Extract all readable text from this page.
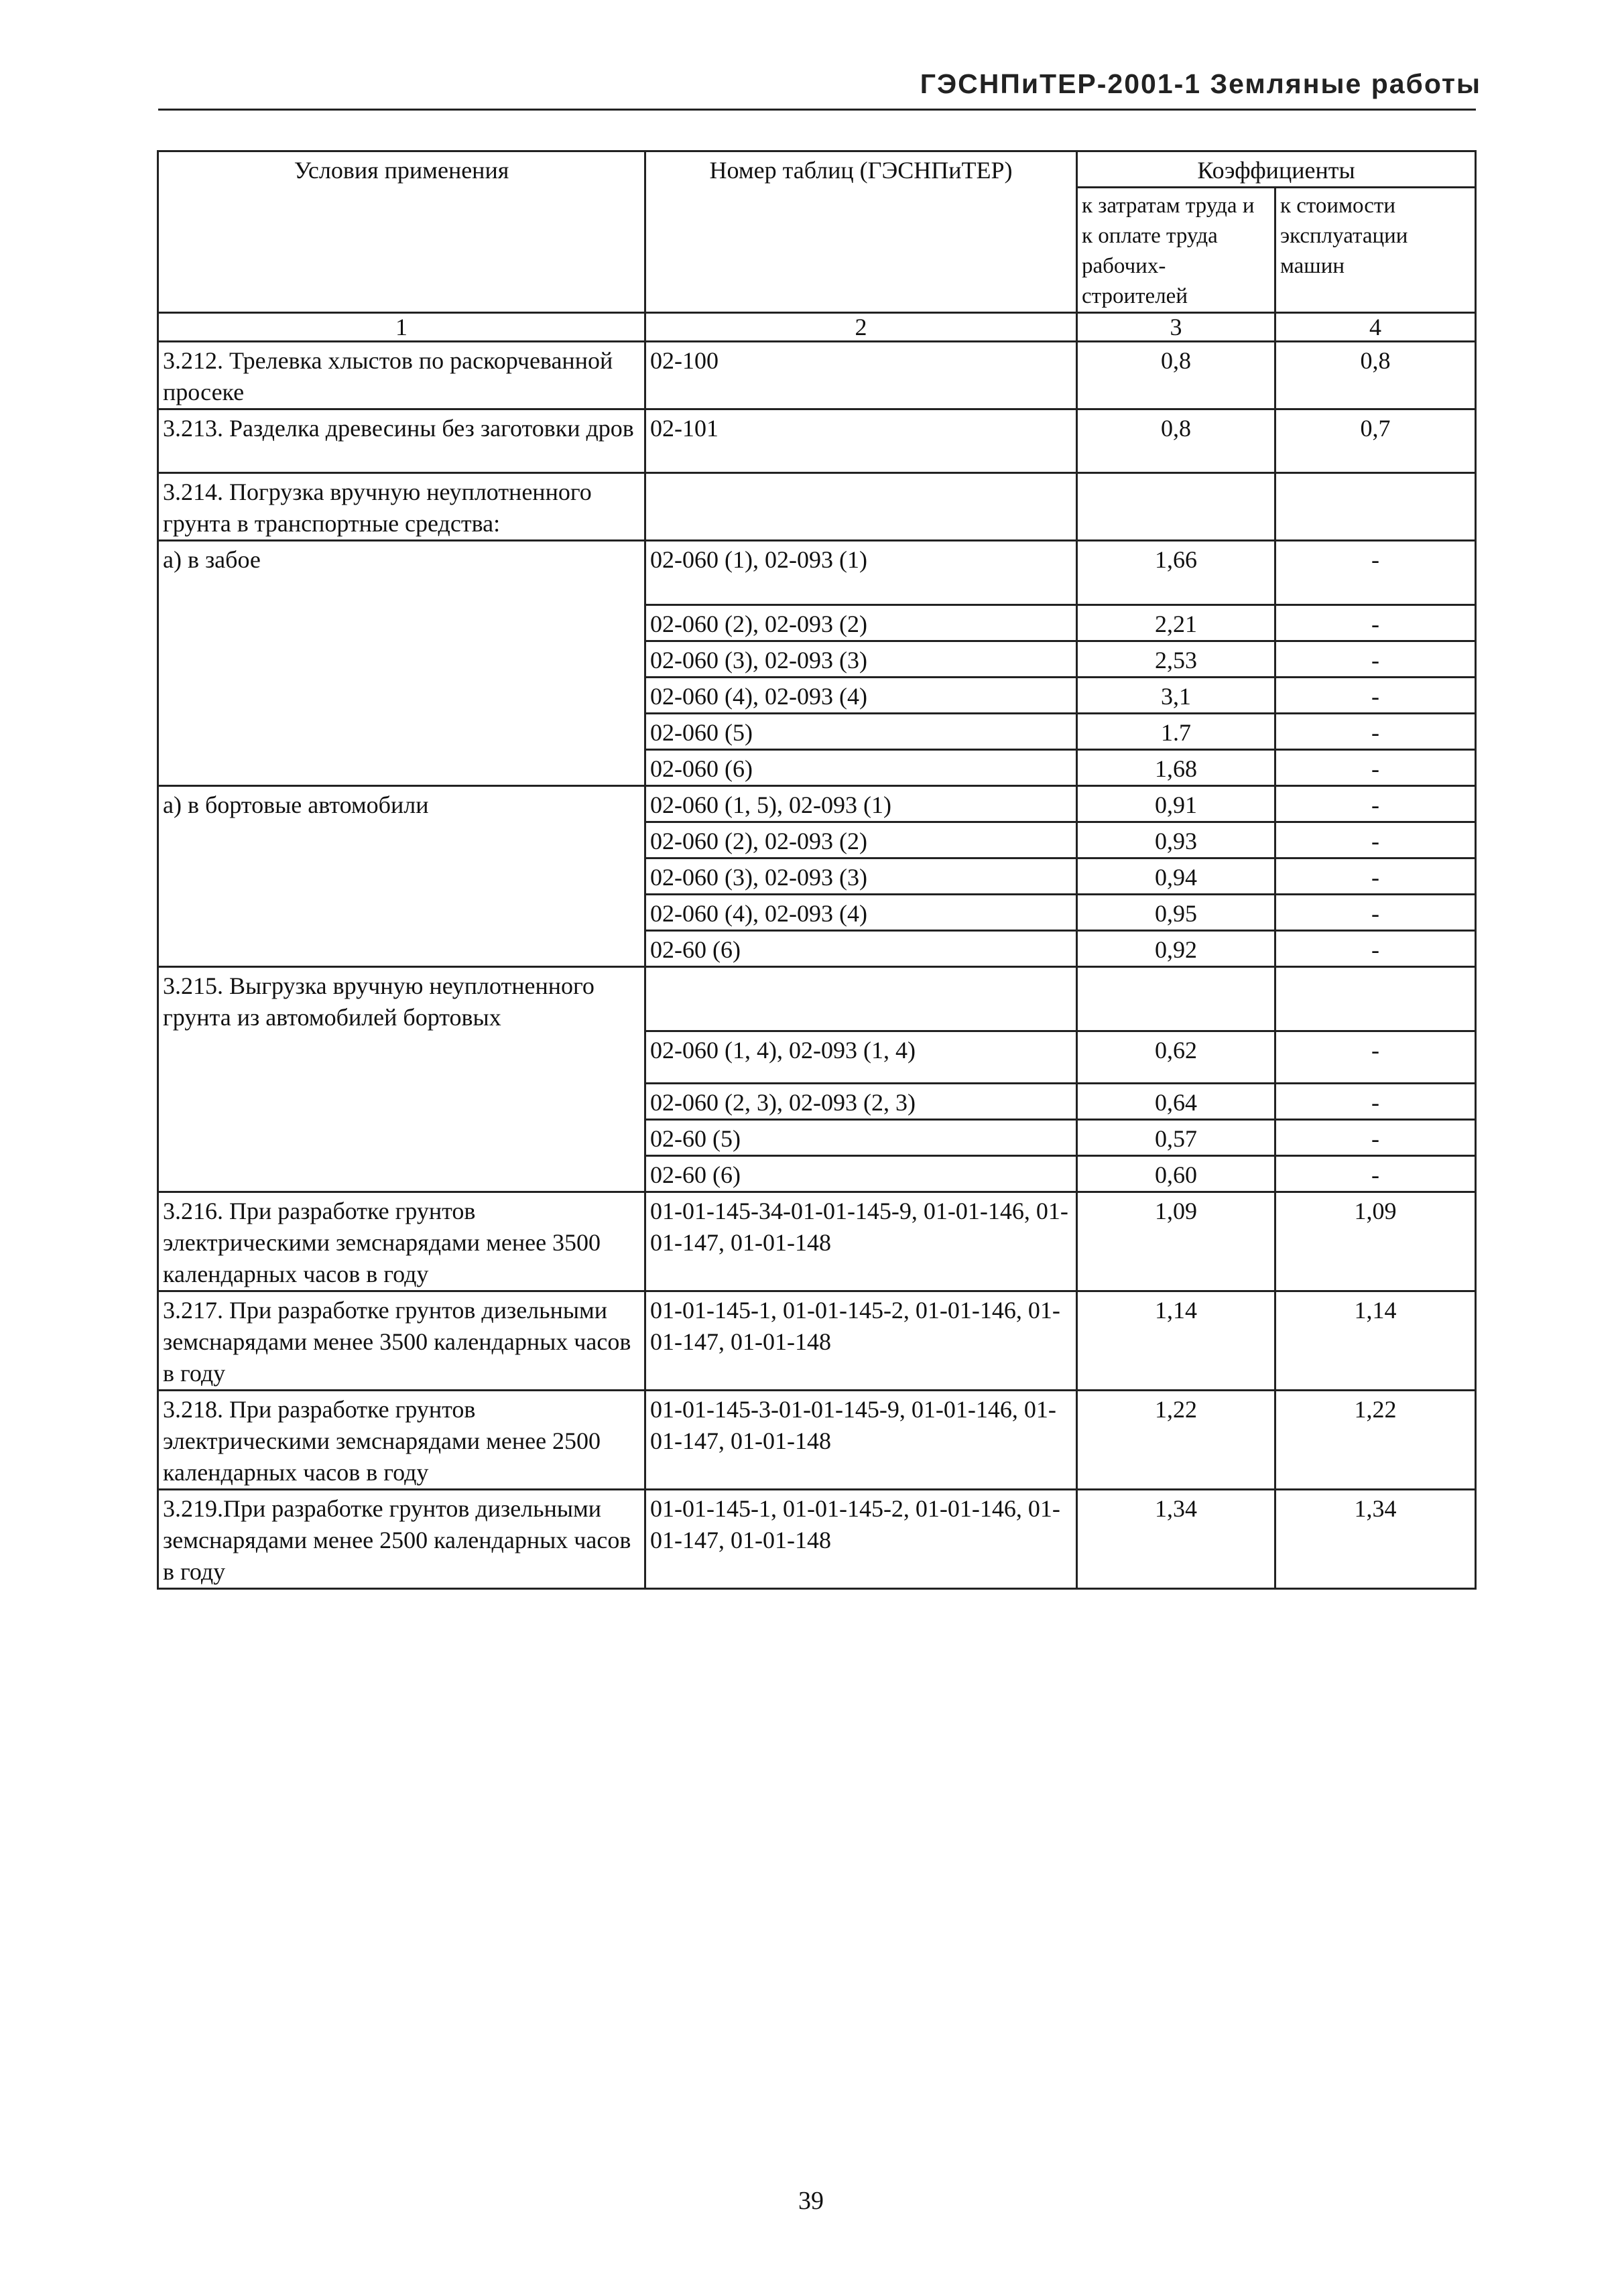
ГЭСНПиТЕР-2001-1 Земляные работы
Условия применения	Номер таблиц (ГЭСНПиТЕР)	Коэффициенты	
		к затратам труда и к оплате труда рабочих-строителей	к стоимости эксплуатации машин
1	2	3	4
3.212. Трелевка хлыстов по раскорчеванной просеке	02-100	0,8	0,8
3.213. Разделка древесины без заготовки дров	02-101	0,8	0,7
3.214. Погрузка вручную неуплотненного грунта в транспортные средства:			
а) в забое	02-060 (1), 02-093 (1)	1,66	-
	02-060 (2), 02-093 (2)	2,21	-
	02-060 (3), 02-093 (3)	2,53	-
	02-060 (4), 02-093 (4)	3,1	-
	02-060 (5)	1.7	-
	02-060 (6)	1,68	-
а) в бортовые автомобили	02-060 (1, 5), 02-093 (1)	0,91	-
	02-060 (2), 02-093 (2)	0,93	-
	02-060 (3), 02-093 (3)	0,94	-
	02-060 (4), 02-093 (4)	0,95	-
	02-60 (6)	0,92	-
3.215. Выгрузка вручную неуплотненного грунта из автомобилей бортовых			
	02-060 (1, 4), 02-093 (1, 4)	0,62	-
	02-060 (2, 3), 02-093 (2, 3)	0,64	-
	02-60 (5)	0,57	-
	02-60 (6)	0,60	-
3.216. При разработке грунтов электрическими земснарядами менее 3500 календарных часов в году	01-01-145-34-01-01-145-9, 01-01-146, 01-01-147, 01-01-148	1,09	1,09
3.217. При разработке грунтов дизельными земснарядами менее 3500 календарных часов в году	01-01-145-1, 01-01-145-2, 01-01-146, 01-01-147, 01-01-148	1,14	1,14
3.218. При разработке грунтов электрическими земснарядами менее 2500 календарных часов в году	01-01-145-3-01-01-145-9, 01-01-146, 01-01-147, 01-01-148	1,22	1,22
3.219.При разработке грунтов дизельными земснарядами менее 2500 календарных часов в году	01-01-145-1, 01-01-145-2, 01-01-146, 01-01-147, 01-01-148	1,34	1,34
39
